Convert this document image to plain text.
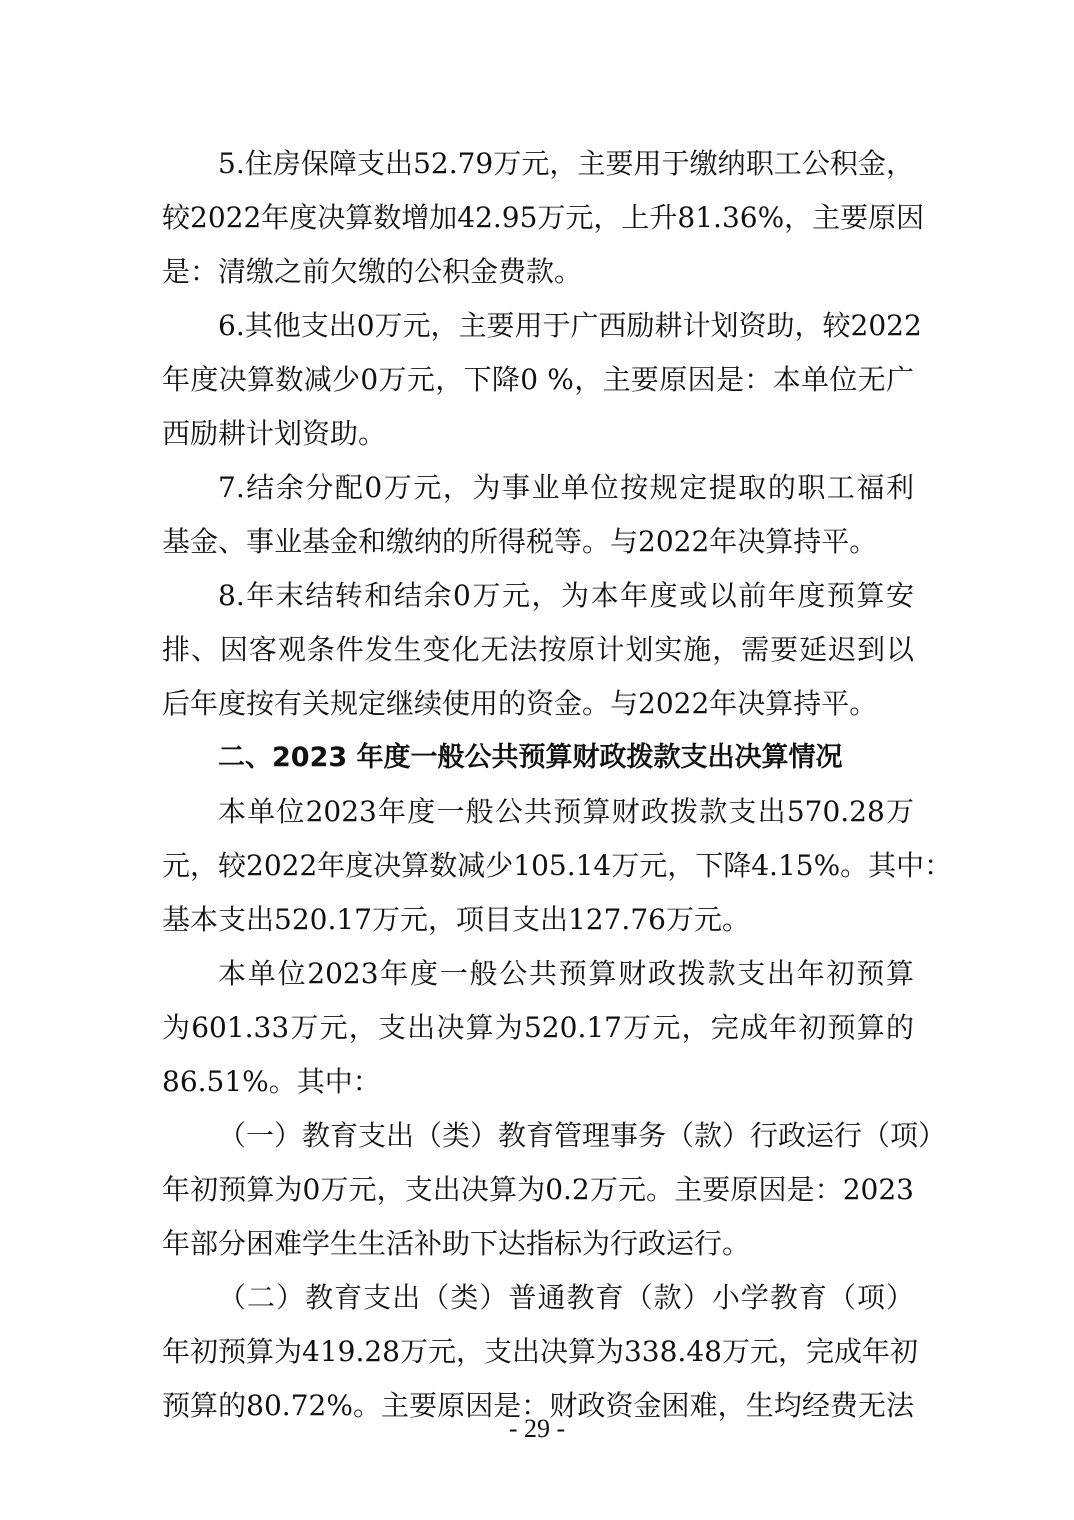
5.住房保障支出52.79万元，主要用于缴纳职工公积金，
较2022年度决算数增加42.95万元，上升81.36%，主要原因
是：清缴之前欠缴的公积金费款。
6.其他支出0万元，主要用于广西励耕计划资助，较2022
年度决算数减少0万元，下降0 %，主要原因是：本单位无广
西励耕计划资助。
7.结余分配0万元，为事业单位按规定提取的职工福利
基金、事业基金和缴纳的所得税等。与2022年决算持平。
8.年末结转和结余0万元，为本年度或以前年度预算安
排、因客观条件发生变化无法按原计划实施，需要延迟到以
后年度按有关规定继续使用的资金。与2022年决算持平。
二、2023 年度一般公共预算财政拨款支出决算情况
本单位2023年度一般公共预算财政拨款支出570.28万
元，较2022年度决算数减少105.14万元，下降4.15%。其中：
基本支出520.17万元，项目支出127.76万元。
本单位2023年度一般公共预算财政拨款支出年初预算
为601.33万元，支出决算为520.17万元，完成年初预算的
86.51%。其中：
（一）教育支出（类）教育管理事务（款）行政运行（项）
年初预算为0万元，支出决算为0.2万元。主要原因是：2023
年部分困难学生生活补助下达指标为行政运行。
（二）教育支出（类）普通教育（款）小学教育（项）
年初预算为419.28万元，支出决算为338.48万元，完成年初
预算的80.72%。主要原因是：财政资金困难，生均经费无法
- 29 -
